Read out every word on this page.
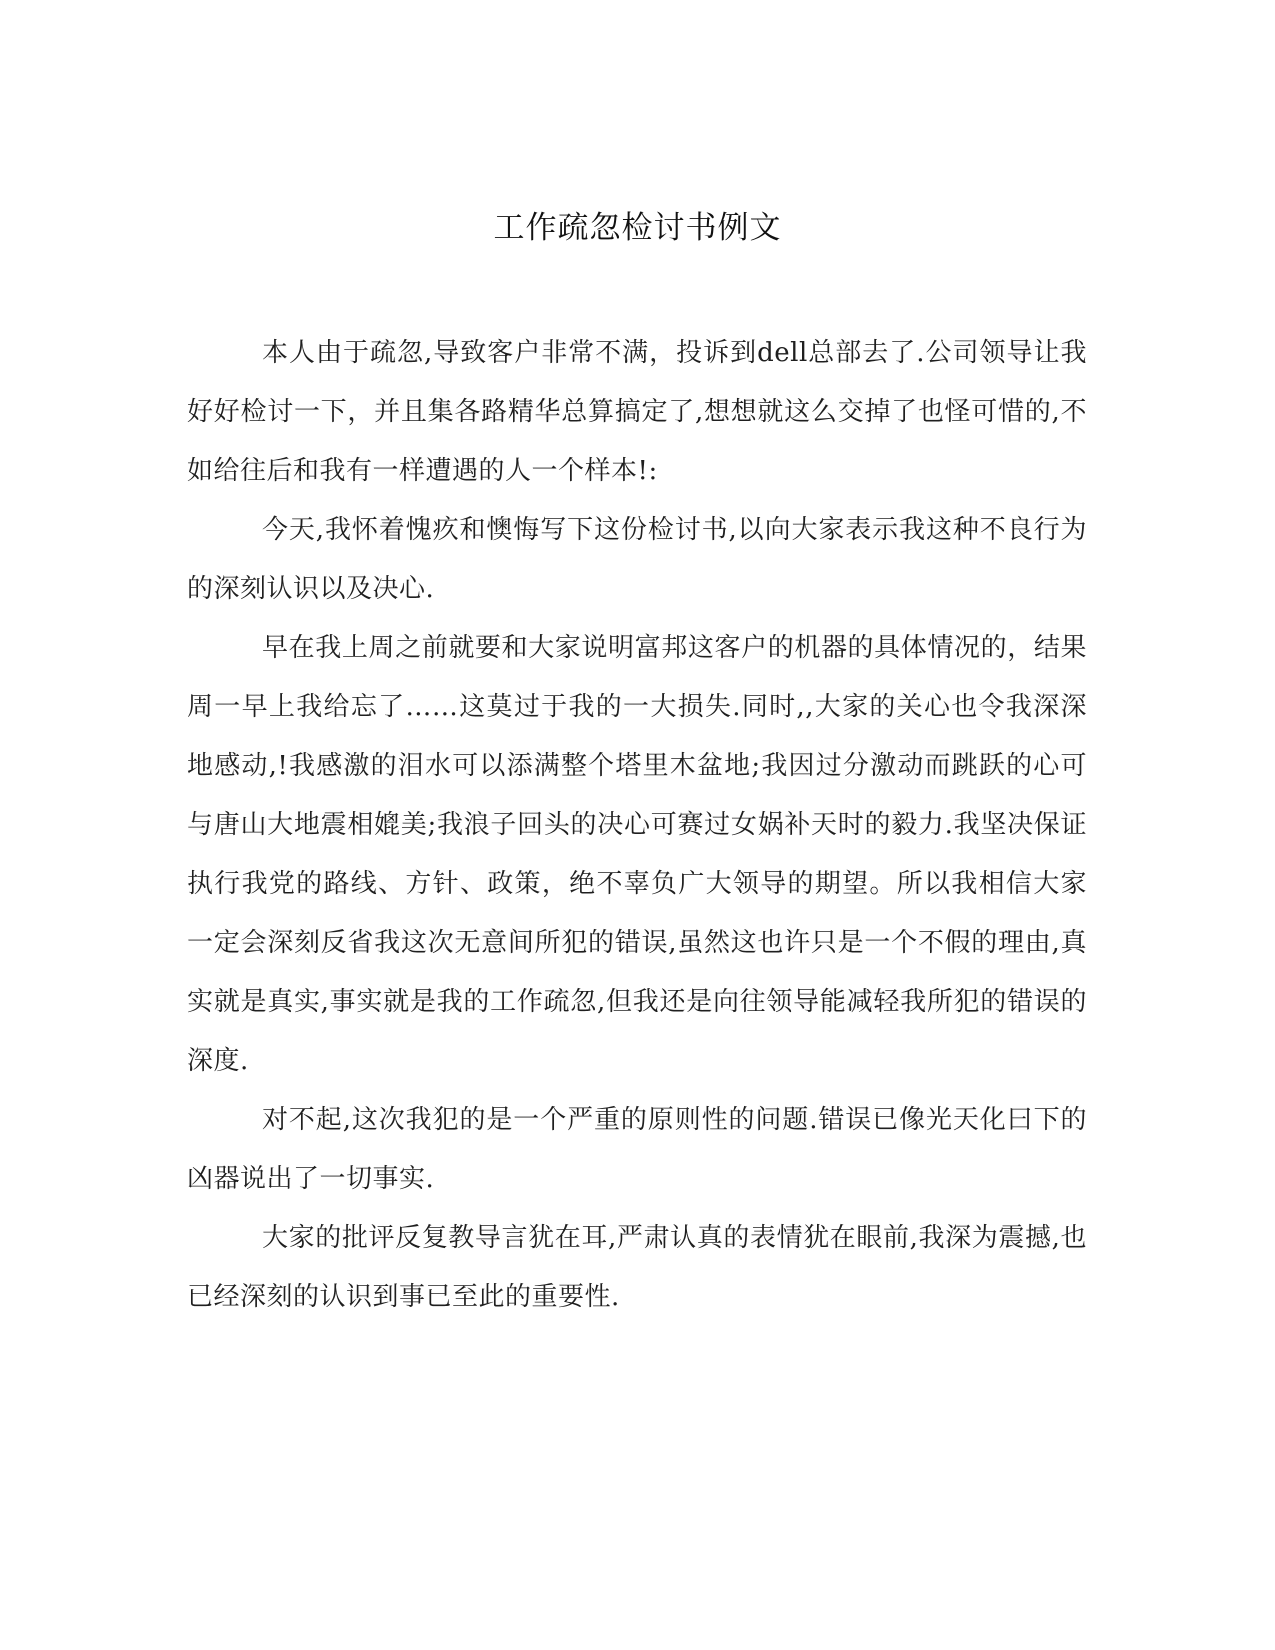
工作疏忽检讨书例文

本人由于疏忽,导致客户非常不满，投诉到dell总部去了.公司领导让我好好检讨一下，并且集各路精华总算搞定了,想想就这么交掉了也怪可惜的,不如给往后和我有一样遭遇的人一个样本!:

今天,我怀着愧疚和懊悔写下这份检讨书,以向大家表示我这种不良行为的深刻认识以及决心.

早在我上周之前就要和大家说明富邦这客户的机器的具体情况的，结果周一早上我给忘了……这莫过于我的一大损失.同时,,大家的关心也令我深深地感动,!我感激的泪水可以添满整个塔里木盆地;我因过分激动而跳跃的心可与唐山大地震相媲美;我浪子回头的决心可赛过女娲补天时的毅力.我坚决保证执行我党的路线、方针、政策，绝不辜负广大领导的期望。所以我相信大家一定会深刻反省我这次无意间所犯的错误,虽然这也许只是一个不假的理由,真实就是真实,事实就是我的工作疏忽,但我还是向往领导能减轻我所犯的错误的深度.

对不起,这次我犯的是一个严重的原则性的问题.错误已像光天化曰下的凶器说出了一切事实.

大家的批评反复教导言犹在耳,严肃认真的表情犹在眼前,我深为震撼,也已经深刻的认识到事已至此的重要性.
